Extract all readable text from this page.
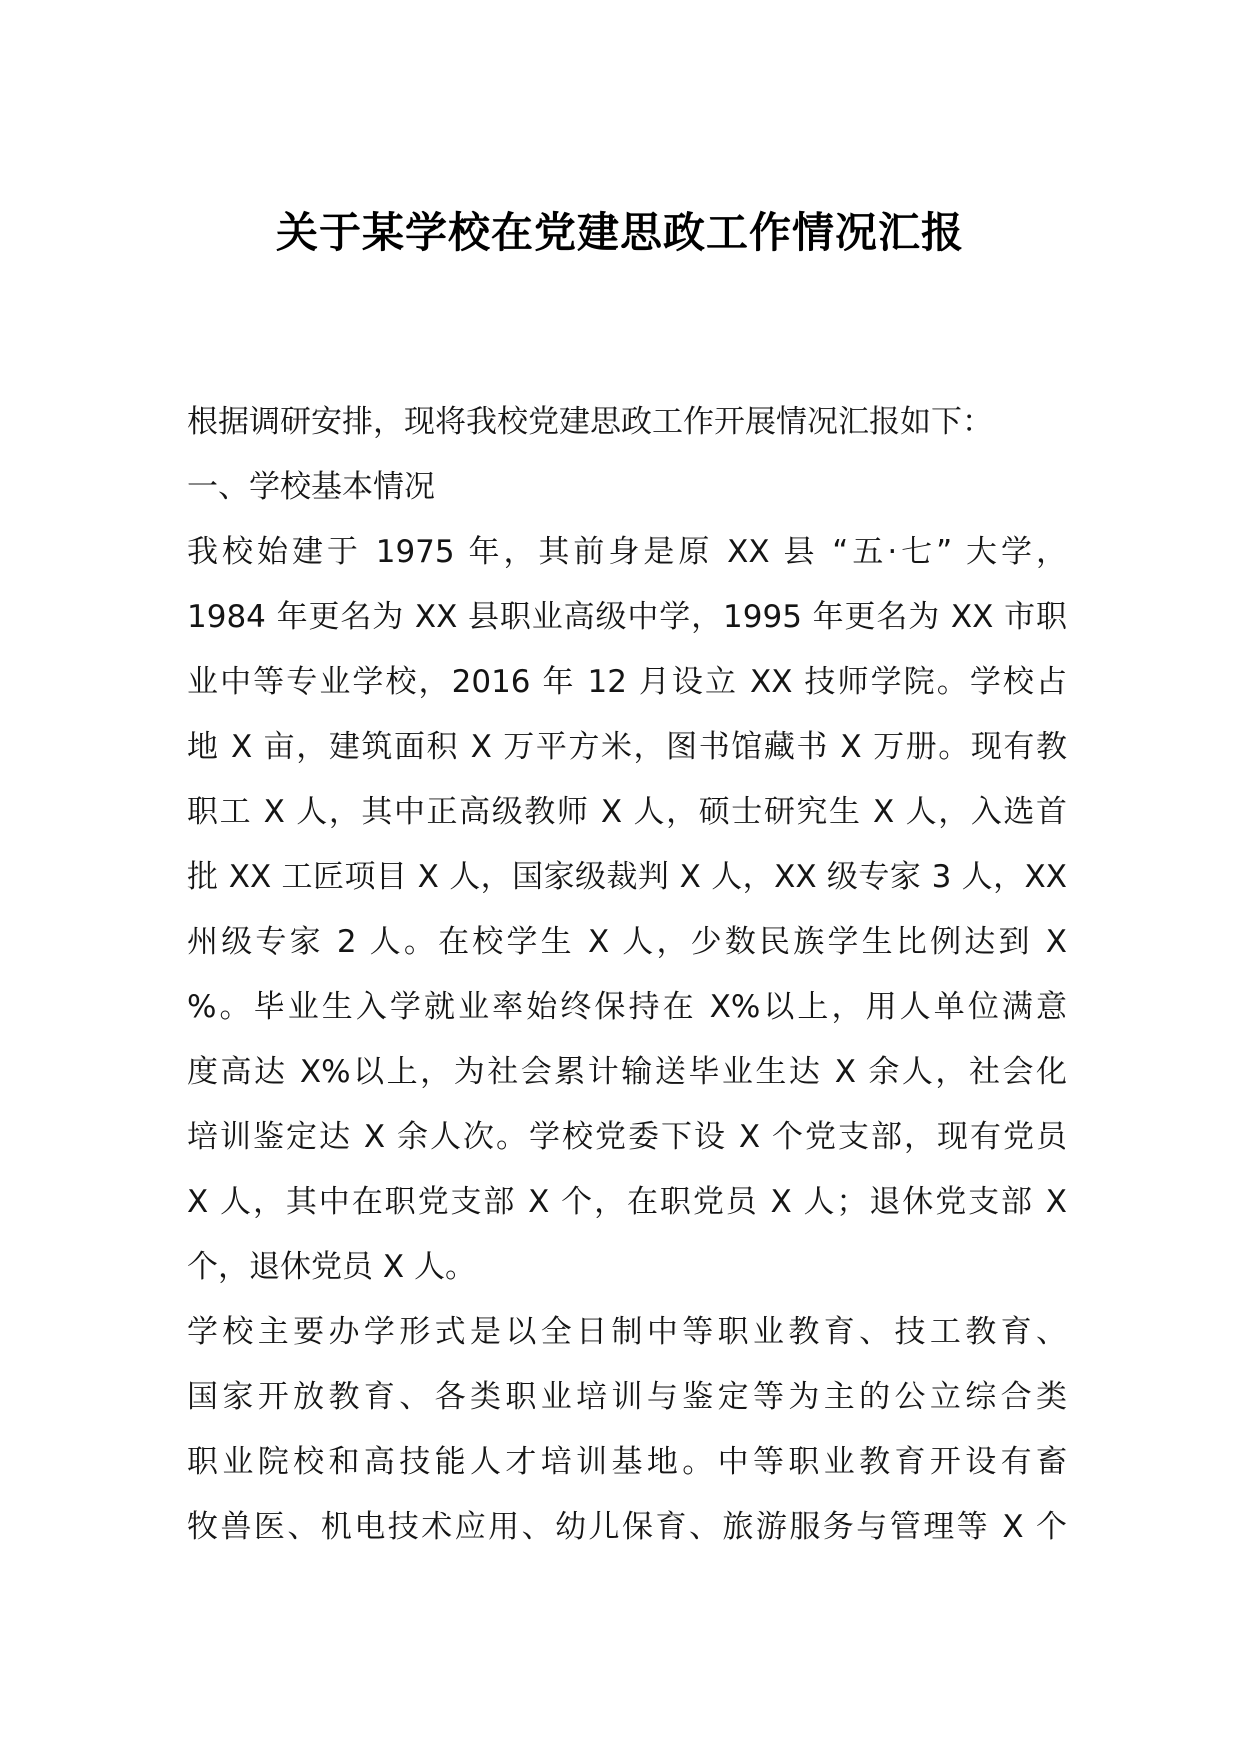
关于某学校在党建思政工作情况汇报
根据调研安排，现将我校党建思政工作开展情况汇报如下：
一、学校基本情况
我校始建于 1975 年，其前身是原 XX 县 “五·七” 大学，
1984 年更名为 XX 县职业高级中学，1995 年更名为 XX 市职
业中等专业学校，2016 年 12 月设立 XX 技师学院。学校占
地 X 亩，建筑面积 X 万平方米，图书馆藏书 X 万册。现有教
职工 X 人，其中正高级教师 X 人，硕士研究生 X 人，入选首
批 XX 工匠项目 X 人，国家级裁判 X 人，XX 级专家 3 人，XX
州级专家 2 人。在校学生 X 人，少数民族学生比例达到 X
%。毕业生入学就业率始终保持在 X%以上，用人单位满意
度高达 X%以上，为社会累计输送毕业生达 X 余人，社会化
培训鉴定达 X 余人次。学校党委下设 X 个党支部，现有党员
X 人，其中在职党支部 X 个，在职党员 X 人；退休党支部 X
个，退休党员 X 人。
学校主要办学形式是以全日制中等职业教育、技工教育、
国家开放教育、各类职业培训与鉴定等为主的公立综合类
职业院校和高技能人才培训基地。中等职业教育开设有畜
牧兽医、机电技术应用、幼儿保育、旅游服务与管理等 X 个
